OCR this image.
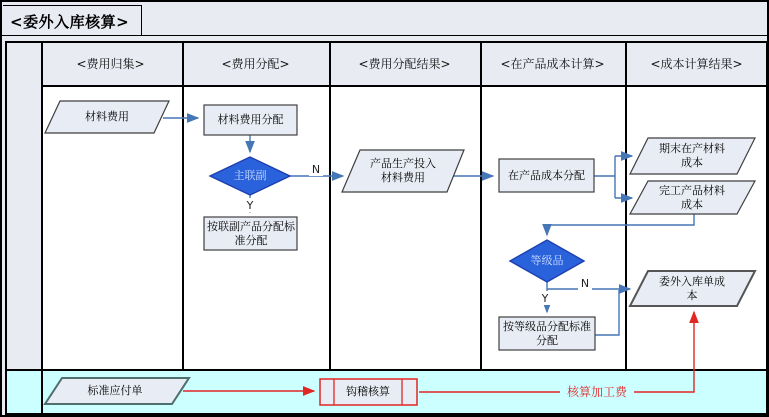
<委外入库核算>
<费用归集>	<费用分配>	<费用分配结果>	<在产品成本计算>	<成本计算结果>
材料费用	材料费用分配
主联副
按联副产品分配标
准分配
产品生产投入
材料费用	在产品成本分配
期末在产材料
成本
完工产品材料
成本
等级品
按等级品分配标准
分配
委外入库单成
本
标准应付单	钩稽核算
N
Y
N
Y
核算加工费
